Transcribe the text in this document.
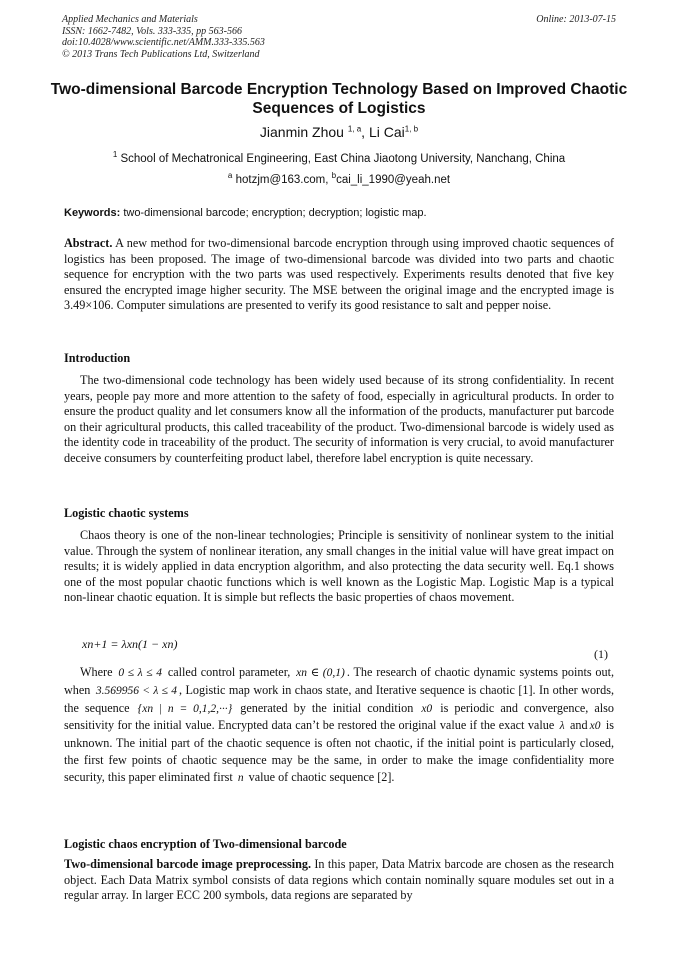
Applied Mechanics and Materials
ISSN: 1662-7482, Vols. 333-335, pp 563-566
doi:10.4028/www.scientific.net/AMM.333-335.563
© 2013 Trans Tech Publications Ltd, Switzerland
Online: 2013-07-15
Two-dimensional Barcode Encryption Technology Based on Improved Chaotic Sequences of Logistics
Jianmin Zhou $^{1, a}$, Li Cai$^{1, b}$
$^1$ School of Mechatronical Engineering, East China Jiaotong University, Nanchang, China
$^a$ hotzjm@163.com, $^b$cai_li_1990@yeah.net
Keywords: two-dimensional barcode; encryption; decryption; logistic map.
Abstract. A new method for two-dimensional barcode encryption through using improved chaotic sequences of logistics has been proposed. The image of two-dimensional barcode was divided into two parts and chaotic sequence for encryption with the two parts was used respectively. Experiments results denoted that five key ensured the encrypted image higher security. The MSE between the original image and the encrypted image is 3.49×106. Computer simulations are presented to verify its good resistance to salt and pepper noise.
Introduction
The two-dimensional code technology has been widely used because of its strong confidentiality. In recent years, people pay more and more attention to the safety of food, especially in agricultural products. In order to ensure the product quality and let consumers know all the information of the products, manufacturer put barcode on their agricultural products, this called traceability of the product. Two-dimensional barcode is widely used as the identity code in traceability of the product. The security of information is very crucial, to avoid manufacturer deceive consumers by counterfeiting product label, therefore label encryption is quite necessary.
Logistic chaotic systems
Chaos theory is one of the non-linear technologies; Principle is sensitivity of nonlinear system to the initial value. Through the system of nonlinear iteration, any small changes in the initial value will have great impact on results; it is widely applied in data encryption algorithm, and also protecting the data security well. Eq.1 shows one of the most popular chaotic functions which is well known as the Logistic Map. Logistic Map is a typical non-linear chaotic equation. It is simple but reflects the basic properties of chaos movement.
xn+1 = λxn(1 − xn)
(1)
Where 0 ≤ λ ≤ 4 called control parameter, xn ∈ (0,1) . The research of chaotic dynamic systems points out, when 3.569956 < λ ≤ 4 , Logistic map work in chaos state, and Iterative sequence is chaotic [1]. In other words, the sequence {xn | n = 0,1,2,···} generated by the initial condition x0 is periodic and convergence, also sensitivity for the initial value. Encrypted data can’t be restored the original value if the exact value λ and x0 is unknown. The initial part of the chaotic sequence is often not chaotic, if the initial point is particularly closed, the first few points of chaotic sequence may be the same, in order to make the image confidentiality more security, this paper eliminated first n value of chaotic sequence [2].
Logistic chaos encryption of Two-dimensional barcode
Two-dimensional barcode image preprocessing. In this paper, Data Matrix barcode are chosen as the research object. Each Data Matrix symbol consists of data regions which contain nominally square modules set out in a regular array. In larger ECC 200 symbols, data regions are separated by
